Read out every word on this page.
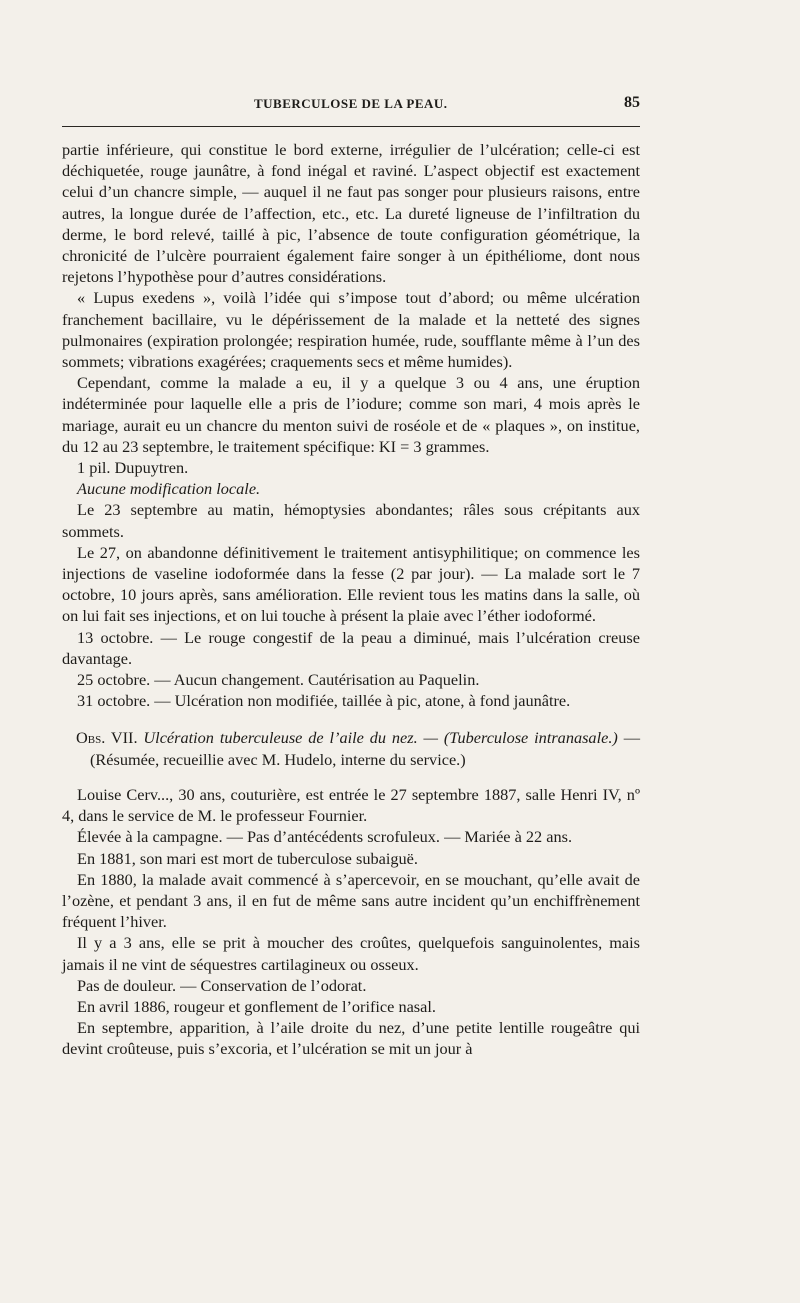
TUBERCULOSE DE LA PEAU.	85

partie inférieure, qui constitue le bord externe, irrégulier de l’ulcération; celle-ci est déchiquetée, rouge jaunâtre, à fond inégal et raviné. L’aspect objectif est exactement celui d’un chancre simple, — auquel il ne faut pas songer pour plusieurs raisons, entre autres, la longue durée de l’affection, etc., etc. La dureté ligneuse de l’infiltration du derme, le bord relevé, taillé à pic, l’absence de toute configuration géométrique, la chronicité de l’ulcère pourraient également faire songer à un épithéliome, dont nous rejetons l’hypothèse pour d’autres considérations.

« Lupus exedens », voilà l’idée qui s’impose tout d’abord; ou même ulcération franchement bacillaire, vu le dépérissement de la malade et la netteté des signes pulmonaires (expiration prolongée; respiration humée, rude, soufflante même à l’un des sommets; vibrations exagérées; craquements secs et même humides).

Cependant, comme la malade a eu, il y a quelque 3 ou 4 ans, une éruption indéterminée pour laquelle elle a pris de l’iodure; comme son mari, 4 mois après le mariage, aurait eu un chancre du menton suivi de roséole et de « plaques », on institue, du 12 au 23 septembre, le traitement spécifique: KI = 3 grammes.

1 pil. Dupuytren.

Aucune modification locale.

Le 23 septembre au matin, hémoptysies abondantes; râles sous crépitants aux sommets.

Le 27, on abandonne définitivement le traitement antisyphilitique; on commence les injections de vaseline iodoformée dans la fesse (2 par jour). — La malade sort le 7 octobre, 10 jours après, sans amélioration. Elle revient tous les matins dans la salle, où on lui fait ses injections, et on lui touche à présent la plaie avec l’éther iodoformé.

13 octobre. — Le rouge congestif de la peau a diminué, mais l’ulcération creuse davantage.

25 octobre. — Aucun changement. Cautérisation au Paquelin.

31 octobre. — Ulcération non modifiée, taillée à pic, atone, à fond jaunâtre.

Obs. VII. Ulcération tuberculeuse de l’aile du nez. — (Tuberculose intranasale.) — (Résumée, recueillie avec M. Hudelo, interne du service.)

Louise Cerv..., 30 ans, couturière, est entrée le 27 septembre 1887, salle Henri IV, nº 4, dans le service de M. le professeur Fournier.

Élevée à la campagne. — Pas d’antécédents scrofuleux. — Mariée à 22 ans.

En 1881, son mari est mort de tuberculose subaiguë.

En 1880, la malade avait commencé à s’apercevoir, en se mouchant, qu’elle avait de l’ozène, et pendant 3 ans, il en fut de même sans autre incident qu’un enchiffrènement fréquent l’hiver.

Il y a 3 ans, elle se prit à moucher des croûtes, quelquefois sanguinolentes, mais jamais il ne vint de séquestres cartilagineux ou osseux.

Pas de douleur. — Conservation de l’odorat.

En avril 1886, rougeur et gonflement de l’orifice nasal.

En septembre, apparition, à l’aile droite du nez, d’une petite lentille rougeâtre qui devint croûteuse, puis s’excoria, et l’ulcération se mit un jour à
